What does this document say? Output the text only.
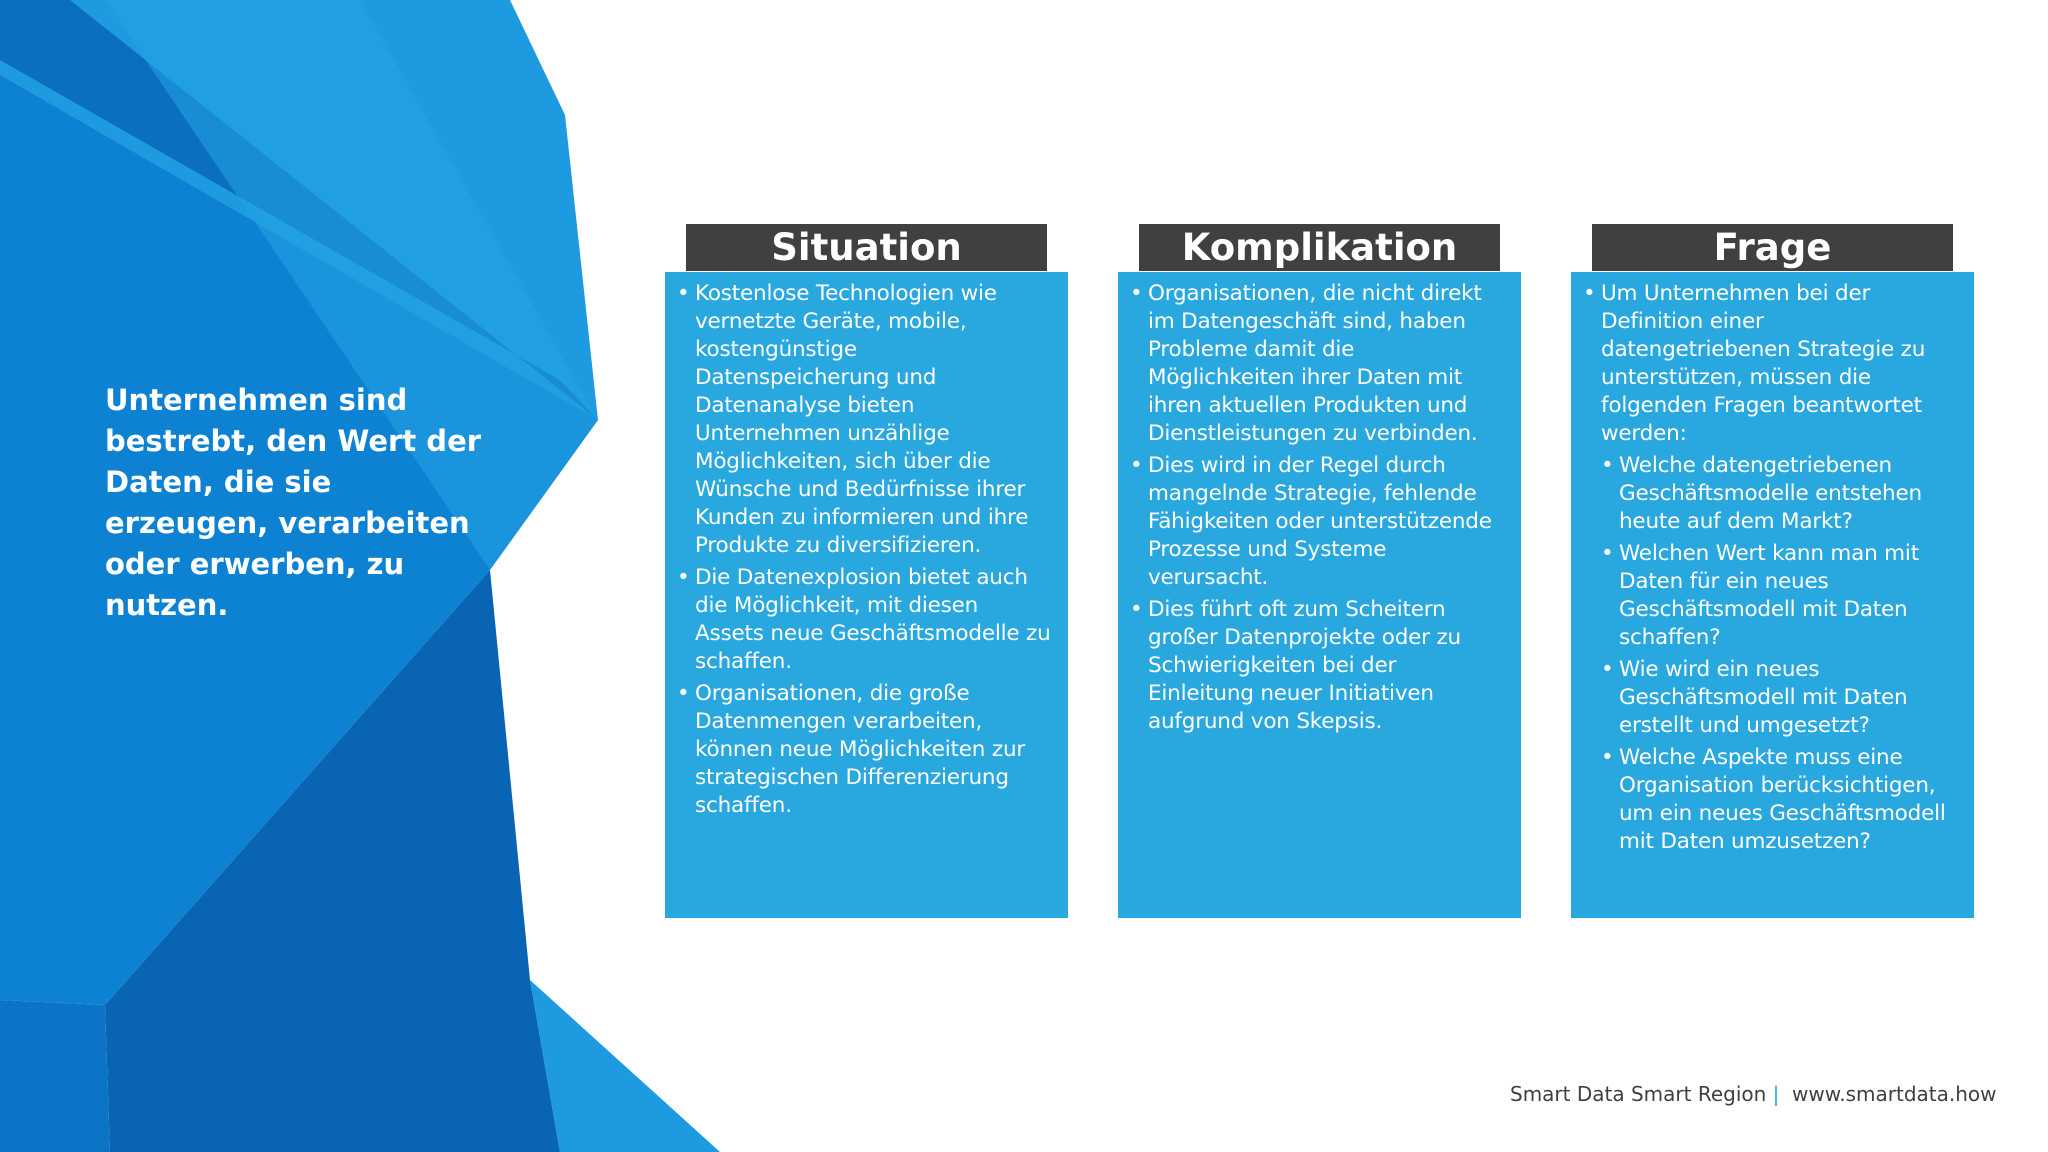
Unternehmen sind bestrebt, den Wert der Daten, die sie erzeugen, verarbeiten oder erwerben, zu nutzen.
Situation
• Kostenlose Technologien wie vernetzte Geräte, mobile, kostengünstige Datenspeicherung und Datenanalyse bieten Unternehmen unzählige Möglichkeiten, sich über die Wünsche und Bedürfnisse ihrer Kunden zu informieren und ihre Produkte zu diversifizieren.
• Die Datenexplosion bietet auch die Möglichkeit, mit diesen Assets neue Geschäftsmodelle zu schaffen.
• Organisationen, die große Datenmengen verarbeiten, können neue Möglichkeiten zur strategischen Differenzierung schaffen.
Komplikation
• Organisationen, die nicht direkt im Datengeschäft sind, haben Probleme damit die Möglichkeiten ihrer Daten mit ihren aktuellen Produkten und Dienstleistungen zu verbinden.
• Dies wird in der Regel durch mangelnde Strategie, fehlende Fähigkeiten oder unterstützende Prozesse und Systeme verursacht.
• Dies führt oft zum Scheitern großer Datenprojekte oder zu Schwierigkeiten bei der Einleitung neuer Initiativen aufgrund von Skepsis.
Frage
• Um Unternehmen bei der Definition einer datengetriebenen Strategie zu unterstützen, müssen die folgenden Fragen beantwortet werden:
• Welche datengetriebenen Geschäftsmodelle entstehen heute auf dem Markt?
• Welchen Wert kann man mit Daten für ein neues Geschäftsmodell mit Daten schaffen?
• Wie wird ein neues Geschäftsmodell mit Daten erstellt und umgesetzt?
• Welche Aspekte muss eine Organisation berücksichtigen, um ein neues Geschäftsmodell mit Daten umzusetzen?
Smart Data Smart Region | www.smartdata.how
